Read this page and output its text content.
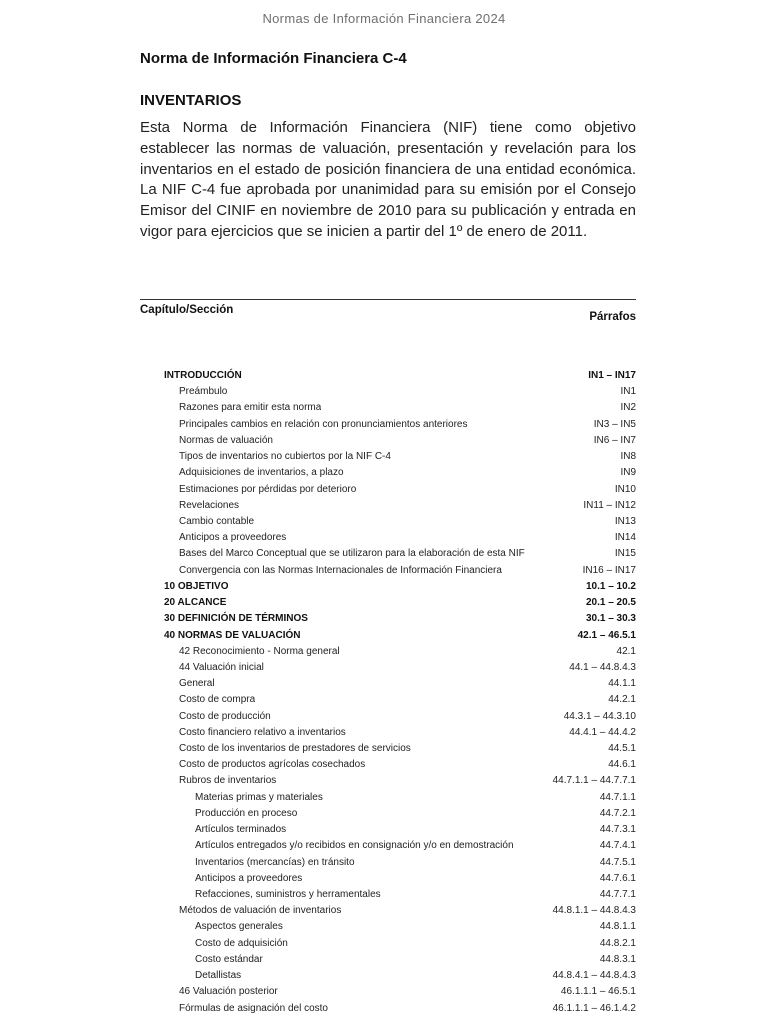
Normas de Información Financiera 2024
Norma de Información Financiera C-4
INVENTARIOS

Esta Norma de Información Financiera (NIF) tiene como objetivo establecer las normas de valuación, presentación y revelación para los inventarios en el estado de posición financiera de una entidad económica. La NIF C-4 fue aprobada por unanimidad para su emisión por el Consejo Emisor del CINIF en noviembre de 2010 para su publicación y entrada en vigor para ejercicios que se inicien a partir del 1º de enero de 2011.

Capítulo/Sección
Párrafos
INTRODUCCIÓN	IN1 – IN17
Preámbulo	IN1
Razones para emitir esta norma	IN2
Principales cambios en relación con pronunciamientos anteriores	IN3 – IN5
Normas de valuación	IN6 – IN7
Tipos de inventarios no cubiertos por la NIF C-4	IN8
Adquisiciones de inventarios, a plazo	IN9
Estimaciones por pérdidas por deterioro	IN10
Revelaciones	IN11 – IN12
Cambio contable	IN13
Anticipos a proveedores	IN14
Bases del Marco Conceptual que se utilizaron para la elaboración de esta NIF	IN15
Convergencia con las Normas Internacionales de Información Financiera	IN16 – IN17
10 OBJETIVO	10.1 – 10.2
20 ALCANCE	20.1 – 20.5
30 DEFINICIÓN DE TÉRMINOS	30.1 – 30.3
40 NORMAS DE VALUACIÓN	42.1 – 46.5.1
42 Reconocimiento - Norma general	42.1
44 Valuación inicial	44.1 – 44.8.4.3
General	44.1.1
Costo de compra	44.2.1
Costo de producción	44.3.1 – 44.3.10
Costo financiero relativo a inventarios	44.4.1 – 44.4.2
Costo de los inventarios de prestadores de servicios	44.5.1
Costo de productos agrícolas cosechados	44.6.1
Rubros de inventarios	44.7.1.1 – 44.7.7.1
Materias primas y materiales	44.7.1.1
Producción en proceso	44.7.2.1
Artículos terminados	44.7.3.1
Artículos entregados y/o recibidos en consignación y/o en demostración	44.7.4.1
Inventarios (mercancías) en tránsito	44.7.5.1
Anticipos a proveedores	44.7.6.1
Refacciones, suministros y herramentales	44.7.7.1
Métodos de valuación de inventarios	44.8.1.1 – 44.8.4.3
Aspectos generales	44.8.1.1
Costo de adquisición	44.8.2.1
Costo estándar	44.8.3.1
Detallistas	44.8.4.1 – 44.8.4.3
46 Valuación posterior	46.1.1.1 – 46.5.1
Fórmulas de asignación del costo	46.1.1.1 – 46.1.4.2
